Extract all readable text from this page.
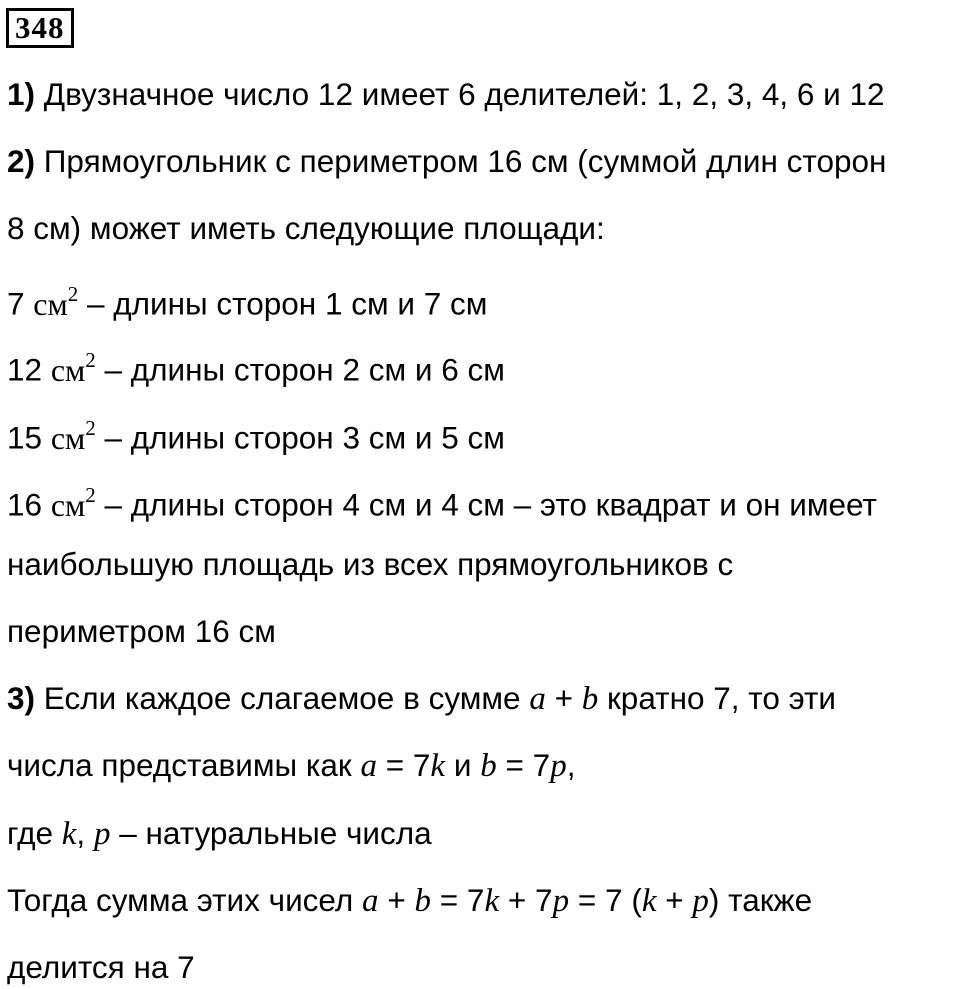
348
1) Двузначное число 12 имеет 6 делителей: 1, 2, 3, 4, 6 и 12
2) Прямоугольник с периметром 16 см (суммой длин сторон
8 см) может иметь следующие площади:
7 $см^2$ – длины сторон 1 см и 7 см
12 $см^2$ – длины сторон 2 см и 6 см
15 $см^2$ – длины сторон 3 см и 5 см
16 $см^2$ – длины сторон 4 см и 4 см – это квадрат и он имеет
наибольшую площадь из всех прямоугольников с
периметром 16 см
3) Если каждое слагаемое в сумме a + b кратно 7, то эти
числа представимы как a = 7k и b = 7p,
где k, p – натуральные числа
Тогда сумма этих чисел a + b = 7k + 7p = 7 (k + p) также
делится на 7
